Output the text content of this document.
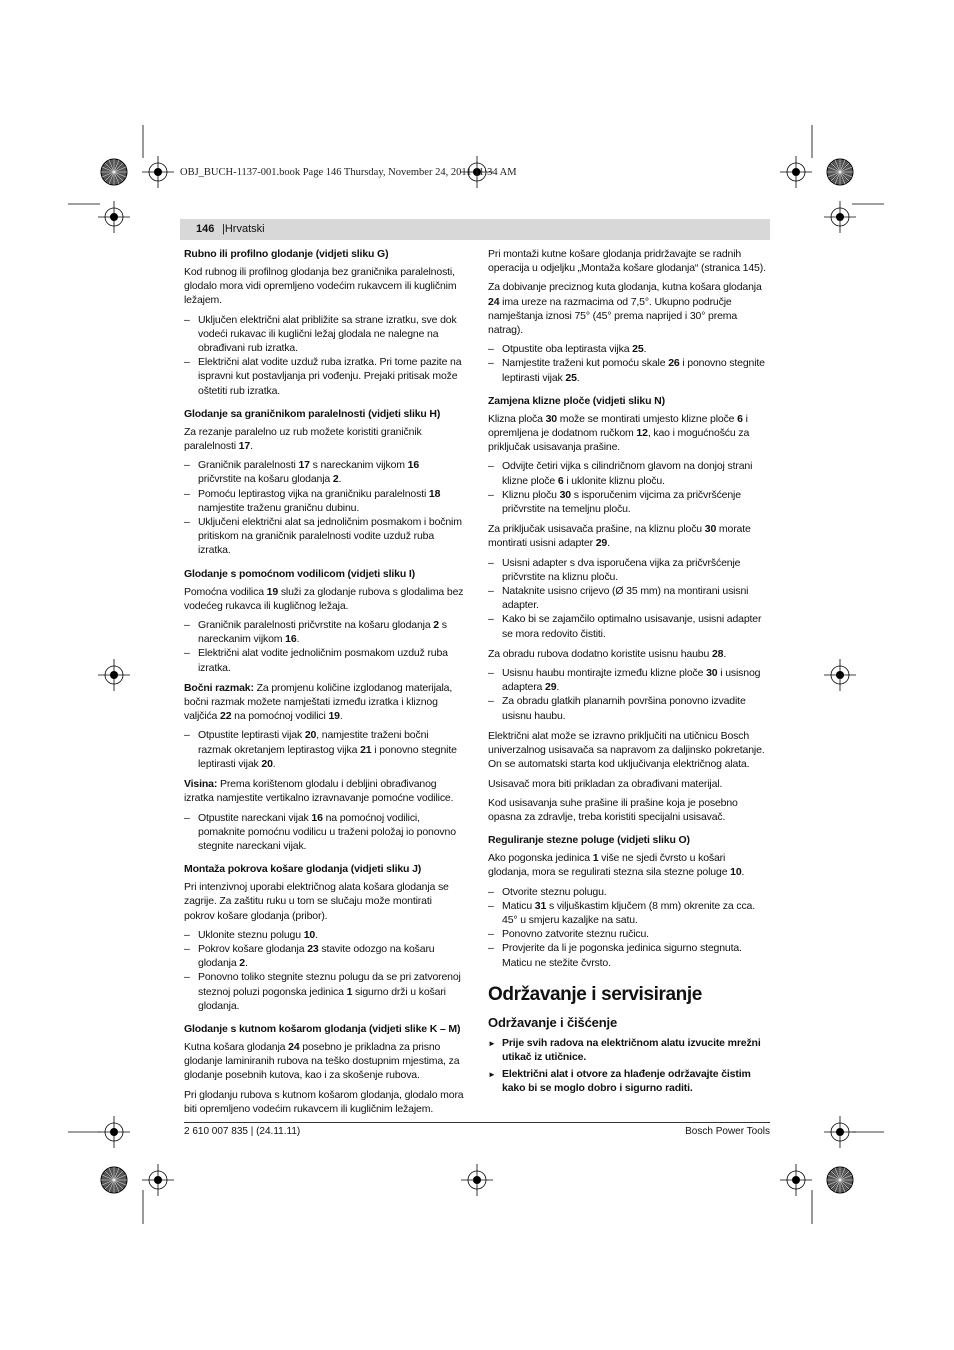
OBJ_BUCH-1137-001.book Page 146 Thursday, November 24, 2011 11:34 AM
146 |Hrvatski
Rubno ili profilno glodanje (vidjeti sliku G)

Kod rubnog ili profilnog glodanja bez graničnika paralelnosti, glodalo mora vidi opremljeno vodećim rukavcem ili kugličnim ležajem.

– Uključen električni alat približite sa strane izratku, sve dok vodeći rukavac ili kuglični ležaj glodala ne nalegne na obrađivani rub izratka.
– Električni alat vodite uzduž ruba izratka. Pri tome pazite na ispravni kut postavljanja pri vođenju. Prejaki pritisak može oštetiti rub izratka.
Glodanje sa graničnikom paralelnosti (vidjeti sliku H)

Za rezanje paralelno uz rub možete koristiti graničnik paralelnosti 17.

– Graničnik paralelnosti 17 s nareckanim vijkom 16 pričvrstite na košaru glodanja 2.
– Pomoću leptirastog vijka na graničniku paralelnosti 18 namjestite traženu graničnu dubinu.
– Uključeni električni alat sa jednoličnim posmakom i bočnim pritiskom na graničnik paralelnosti vodite uzduž ruba izratka.
Glodanje s pomoćnom vodilicom (vidjeti sliku I)

Pomoćna vodilica 19 služi za glodanje rubova s glodalima bez vodećeg rukavca ili kugličnog ležaja.

– Graničnik paralelnosti pričvrstite na košaru glodanja 2 s nareckanim vijkom 16.
– Električni alat vodite jednoličnim posmakom uzduž ruba izratka.

Bočni razmak: Za promjenu količine izglodanog materijala, bočni razmak možete namještati između izratka i kliznog valjčića 22 na pomoćnoj vodilici 19.

– Otpustite leptirasti vijak 20, namjestite traženi bočni razmak okretanjem leptirastog vijka 21 i ponovno stegnite leptirasti vijak 20.

Visina: Prema korištenom glodalu i debljini obrađivanog izratka namjestite vertikalno izravnavanje pomoćne vodilice.

– Otpustite nareckani vijak 16 na pomoćnoj vodilici, pomaknite pomoćnu vodilicu u traženi položaj io ponovno stegnite nareckani vijak.
Montaža pokrova košare glodanja (vidjeti sliku J)

Pri intenzivnoj uporabi električnog alata košara glodanja se zagrije. Za zaštitu ruku u tom se slučaju može montirati pokrov košare glodanja (pribor).

– Uklonite steznu polugu 10.
– Pokrov košare glodanja 23 stavite odozgo na košaru glodanja 2.
– Ponovno toliko stegnite steznu polugu da se pri zatvorenoj steznoj poluzi pogonska jedinica 1 sigurno drži u košari glodanja.
Glodanje s kutnom košarom glodanja (vidjeti slike K – M)

Kutna košara glodanja 24 posebno je prikladna za prisno glodanje laminiranih rubova na teško dostupnim mjestima, za glodanje posebnih kutova, kao i za skošenje rubova.

Pri glodanju rubova s kutnom košarom glodanja, glodalo mora biti opremljeno vodećim rukavcem ili kugličnim ležajem.

Pri montaži kutne košare glodanja pridržavajte se radnih operacija u odjeljku „Montaža košare glodanja“ (stranica 145).

Za dobivanje preciznog kuta glodanja, kutna košara glodanja 24 ima ureze na razmacima od 7,5°. Ukupno područje namještanja iznosi 75° (45° prema naprijed i 30° prema natrag).

– Otpustite oba leptirasta vijka 25.
– Namjestite traženi kut pomoću skale 26 i ponovno stegnite leptirasti vijak 25.
Zamjena klizne ploče (vidjeti sliku N)

Klizna ploča 30 može se montirati umjesto klizne ploče 6 i opremljena je dodatnom ručkom 12, kao i mogućnošću za priključak usisavanja prašine.

– Odvijte četiri vijka s cilindričnom glavom na donjoj strani klizne ploče 6 i uklonite kliznu ploču.
– Kliznu ploču 30 s isporučenim vijcima za pričvršćenje pričvrstite na temeljnu ploču.

Za priključak usisavača prašine, na kliznu ploču 30 morate montirati usisni adapter 29.

– Usisni adapter s dva isporučena vijka za pričvršćenje pričvrstite na kliznu ploču.
– Nataknite usisno crijevo (Ø 35 mm) na montirani usisni adapter.
– Kako bi se zajamčilo optimalno usisavanje, usisni adapter se mora redovito čistiti.

Za obradu rubova dodatno koristite usisnu haubu 28.

– Usisnu haubu montirajte između klizne ploče 30 i usisnog adaptera 29.
– Za obradu glatkih planarnih površina ponovno izvadite usisnu haubu.

Električni alat može se izravno priključiti na utičnicu Bosch univerzalnog usisavača sa napravom za daljinsko pokretanje. On se automatski starta kod uključivanja električnog alata.

Usisavač mora biti prikladan za obrađivani materijal.

Kod usisavanja suhe prašine ili prašine koja je posebno opasna za zdravlje, treba koristiti specijalni usisavač.

Reguliranje stezne poluge (vidjeti sliku O)

Ako pogonska jedinica 1 više ne sjedi čvrsto u košari glodanja, mora se regulirati stezna sila stezne poluge 10.

– Otvorite steznu polugu.
– Maticu 31 s viljuškastim ključem (8 mm) okrenite za cca. 45° u smjeru kazaljke na satu.
– Ponovno zatvorite steznu ručicu.
– Provjerite da li je pogonska jedinica sigurno stegnuta. Maticu ne stežite čvrsto.
Održavanje i servisiranje
Održavanje i čišćenje
► Prije svih radova na električnom alatu izvucite mrežni utikač iz utičnice.
► Električni alat i otvore za hlađenje održavajte čistim kako bi se moglo dobro i sigurno raditi.
2 610 007 835 | (24.11.11)	Bosch Power Tools
